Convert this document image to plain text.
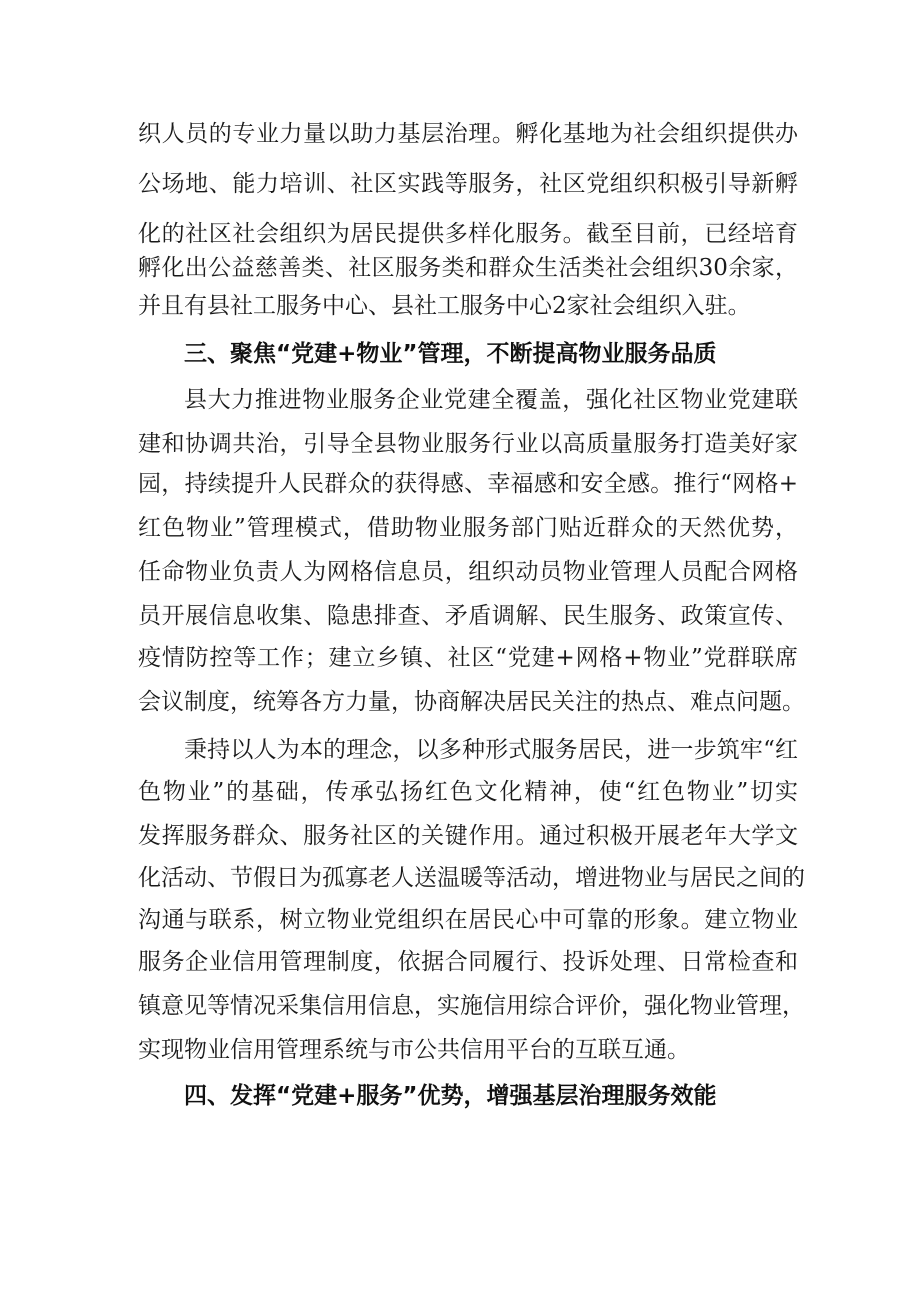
织人员的专业力量以助力基层治理。孵化基地为社会组织提供办
公场地、能力培训、社区实践等服务，社区党组织积极引导新孵
化的社区社会组织为居民提供多样化服务。截至目前，已经培育
孵化出公益慈善类、社区服务类和群众生活类社会组织30余家，
并且有县社工服务中心、县社工服务中心2家社会组织入驻。
三、聚焦“党建+物业”管理，不断提高物业服务品质
县大力推进物业服务企业党建全覆盖，强化社区物业党建联
建和协调共治，引导全县物业服务行业以高质量服务打造美好家
园，持续提升人民群众的获得感、幸福感和安全感。推行“网格+
红色物业”管理模式，借助物业服务部门贴近群众的天然优势，
任命物业负责人为网格信息员，组织动员物业管理人员配合网格
员开展信息收集、隐患排查、矛盾调解、民生服务、政策宣传、
疫情防控等工作；建立乡镇、社区“党建+网格+物业”党群联席
会议制度，统筹各方力量，协商解决居民关注的热点、难点问题。
秉持以人为本的理念，以多种形式服务居民，进一步筑牢“红
色物业”的基础，传承弘扬红色文化精神，使“红色物业”切实
发挥服务群众、服务社区的关键作用。通过积极开展老年大学文
化活动、节假日为孤寡老人送温暖等活动，增进物业与居民之间的
沟通与联系，树立物业党组织在居民心中可靠的形象。建立物业
服务企业信用管理制度，依据合同履行、投诉处理、日常检查和
镇意见等情况采集信用信息，实施信用综合评价，强化物业管理，
实现物业信用管理系统与市公共信用平台的互联互通。
四、发挥“党建+服务”优势，增强基层治理服务效能
